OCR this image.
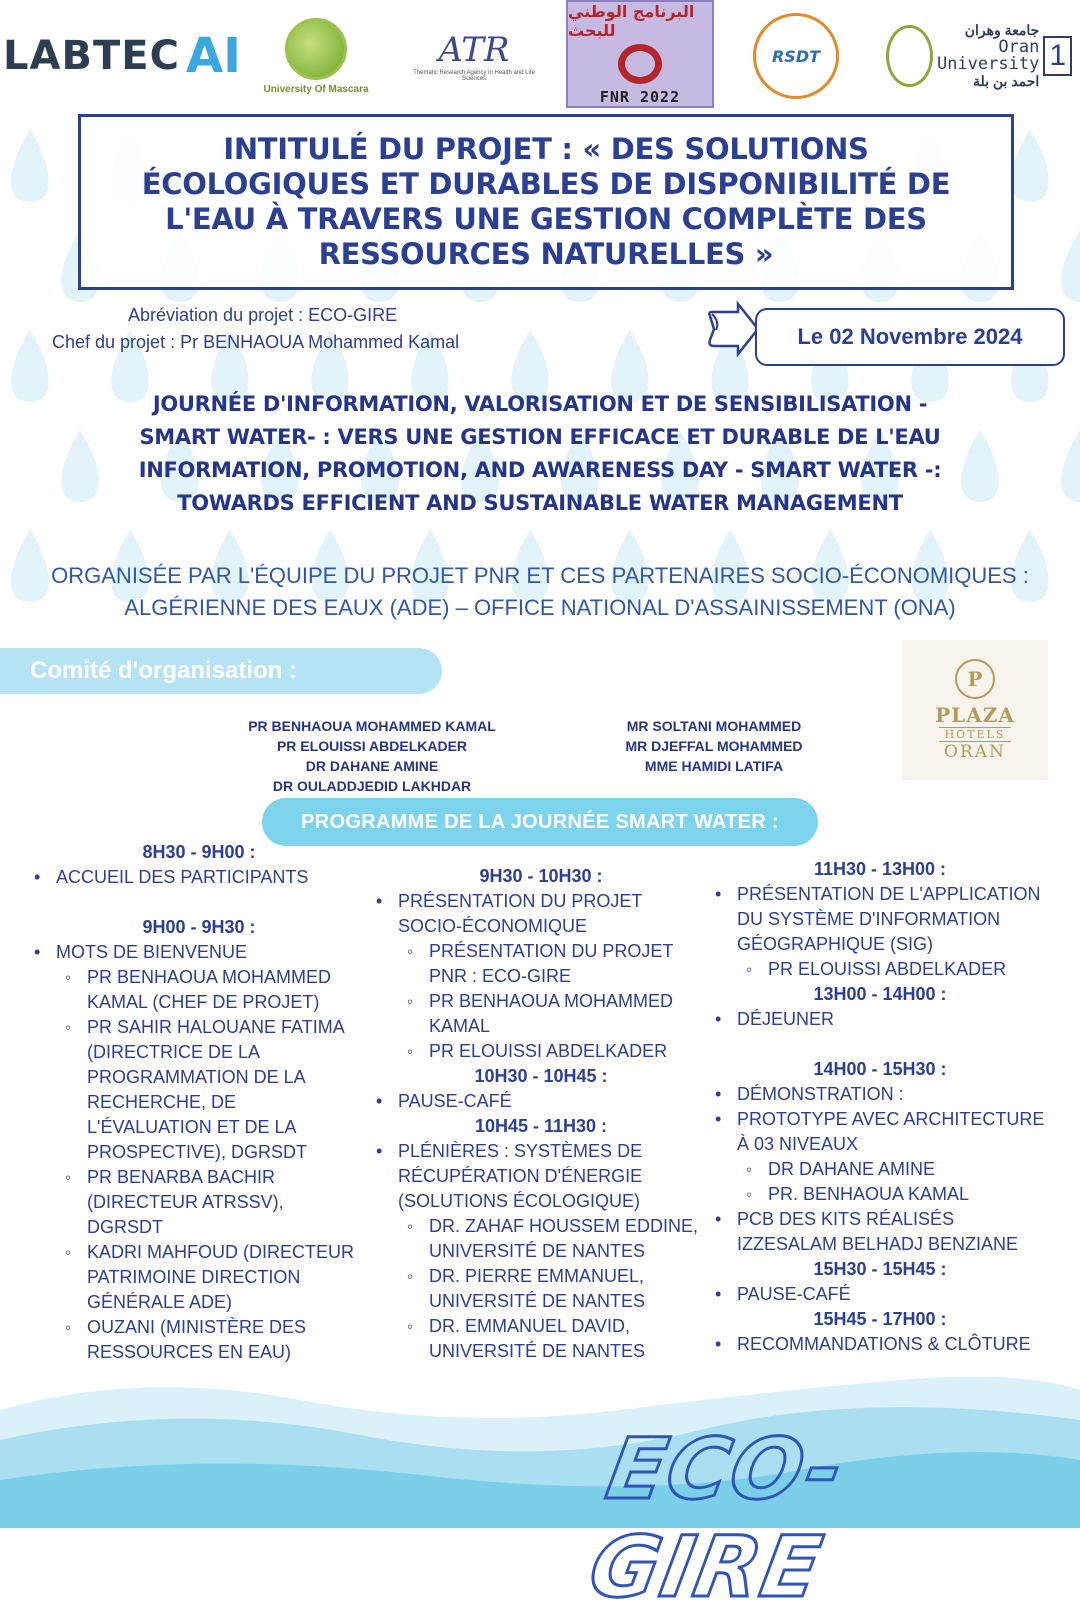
LABTEC AI
University Of Mascara
ATR
Thematic Research Agency in Health and Life Sciences
البرنامج الوطني للبحث
FNR 2022
RSDT
جامعة وهران
Oran
University
احمد بن بلة
1
INTITULÉ DU PROJET : « DES SOLUTIONS ÉCOLOGIQUES ET DURABLES DE DISPONIBILITÉ DE L'EAU À TRAVERS UNE GESTION COMPLÈTE DES RESSOURCES NATURELLES »
Abréviation du projet : ECO-GIRE
Chef du projet : Pr BENHAOUA Mohammed Kamal	Le 02 Novembre 2024

JOURNÉE D'INFORMATION, VALORISATION ET DE SENSIBILISATION -

SMART WATER- : VERS UNE GESTION EFFICACE ET DURABLE DE L'EAU

INFORMATION, PROMOTION, AND AWARENESS DAY - SMART WATER -:

TOWARDS EFFICIENT AND SUSTAINABLE WATER MANAGEMENT

ORGANISÉE PAR L'ÉQUIPE DU PROJET PNR ET CES PARTENAIRES SOCIO-ÉCONOMIQUES :

ALGÉRIENNE DES EAUX (ADE) – OFFICE NATIONAL D'ASSAINISSEMENT (ONA)

Comité d'organisation :	P
PLAZA
HOTELS
ORAN
PR BENHAOUA MOHAMMED KAMAL
PR ELOUISSI ABDELKADER
DR DAHANE AMINE
DR OULADDJEDID LAKHDAR
MR SOLTANI MOHAMMED
MR DJEFFAL MOHAMMED
MME HAMIDI LATIFA
PROGRAMME DE LA JOURNÉE SMART WATER :
8H30 - 9H00 :
• ACCUEIL DES PARTICIPANTS
9H00 - 9H30 :
• MOTS DE BIENVENUE
◦ PR BENHAOUA MOHAMMED KAMAL (CHEF DE PROJET)
◦ PR SAHIR HALOUANE FATIMA (DIRECTRICE DE LA PROGRAMMATION DE LA RECHERCHE, DE L'ÉVALUATION ET DE LA PROSPECTIVE), DGRSDT
◦ PR BENARBA BACHIR (DIRECTEUR ATRSSV), DGRSDT
◦ KADRI MAHFOUD (DIRECTEUR PATRIMOINE DIRECTION GÉNÉRALE ADE)
◦ OUZANI (MINISTÈRE DES RESSOURCES EN EAU)
9H30 - 10H30 :
• PRÉSENTATION DU PROJET SOCIO-ÉCONOMIQUE
◦ PRÉSENTATION DU PROJET PNR : ECO-GIRE
◦ PR BENHAOUA MOHAMMED KAMAL
◦ PR ELOUISSI ABDELKADER
10H30 - 10H45 :
• PAUSE-CAFÉ
10H45 - 11H30 :
• PLÉNIÈRES : SYSTÈMES DE RÉCUPÉRATION D'ÉNERGIE (SOLUTIONS ÉCOLOGIQUE)
◦ DR. ZAHAF HOUSSEM EDDINE, UNIVERSITÉ DE NANTES
◦ DR. PIERRE EMMANUEL, UNIVERSITÉ DE NANTES
◦ DR. EMMANUEL DAVID, UNIVERSITÉ DE NANTES
11H30 - 13H00 :
• PRÉSENTATION DE L'APPLICATION DU SYSTÈME D'INFORMATION GÉOGRAPHIQUE (SIG)
◦ PR ELOUISSI ABDELKADER
13H00 - 14H00 :
• DÉJEUNER
14H00 - 15H30 :
• DÉMONSTRATION :
• PROTOTYPE AVEC ARCHITECTURE À 03 NIVEAUX
◦ DR DAHANE AMINE
◦ PR. BENHAOUA KAMAL
• PCB DES KITS RÉALISÉS
IZZESALAM BELHADJ BENZIANE
15H30 - 15H45 :
• PAUSE-CAFÉ
15H45 - 17H00 :
• RECOMMANDATIONS & CLÔTURE
ECO-GIRE
